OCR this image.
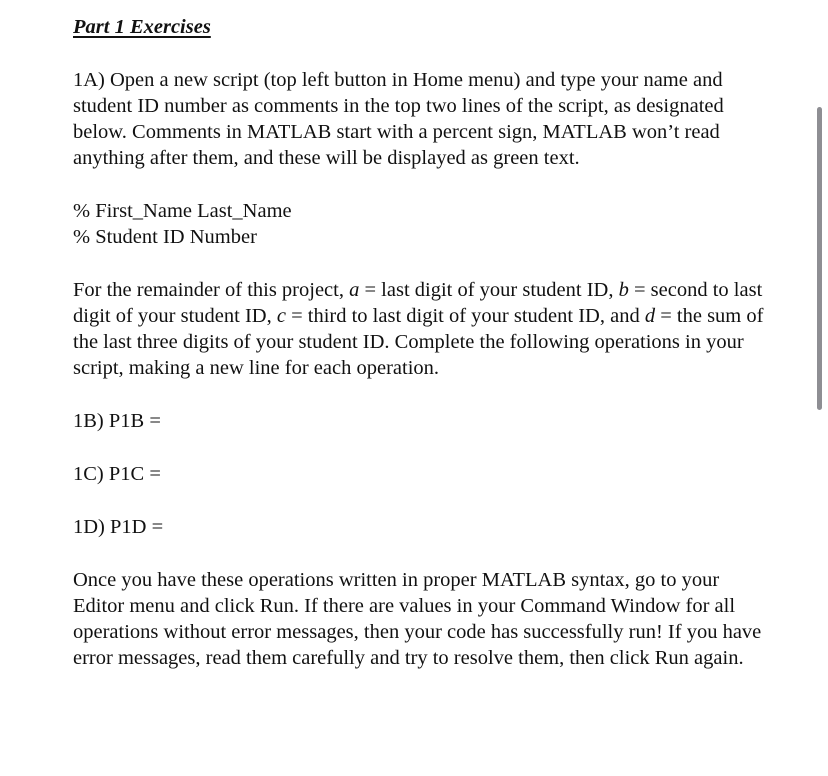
Part 1 Exercises

1A) Open a new script (top left button in Home menu) and type your name and student ID number as comments in the top two lines of the script, as designated below. Comments in MATLAB start with a percent sign, MATLAB won’t read anything after them, and these will be displayed as green text.

% First_Name Last_Name
% Student ID Number

For the remainder of this project, a = last digit of your student ID, b = second to last digit of your student ID, c = third to last digit of your student ID, and d = the sum of the last three digits of your student ID. Complete the following operations in your script, making a new line for each operation.

1B) P1B =

1C) P1C =

1D) P1D =

Once you have these operations written in proper MATLAB syntax, go to your Editor menu and click Run. If there are values in your Command Window for all operations without error messages, then your code has successfully run! If you have error messages, read them carefully and try to resolve them, then click Run again.
